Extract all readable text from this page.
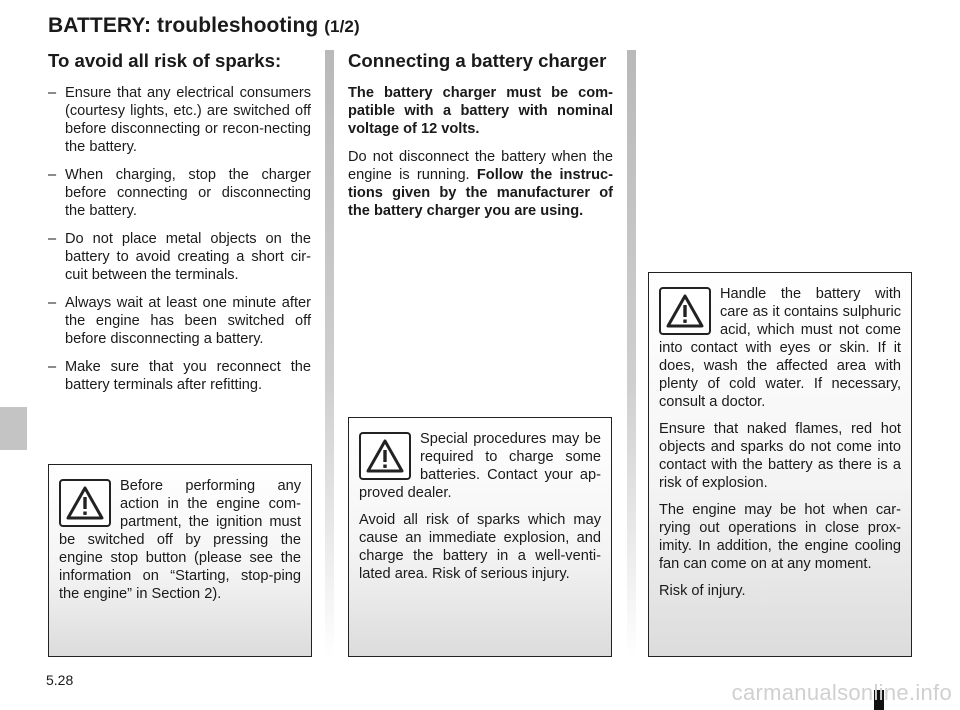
BATTERY: troubleshooting (1/2)
To avoid all risk of sparks:
– Ensure that any electrical consumers (courtesy lights, etc.) are switched off before disconnecting or recon-necting the battery.
– When charging, stop the charger before connecting or disconnecting the battery.
– Do not place metal objects on the battery to avoid creating a short cir-cuit between the terminals.
– Always wait at least one minute after the engine has been switched off before disconnecting a battery.
– Make sure that you reconnect the battery terminals after refitting.
Connecting a battery charger

The battery charger must be com-patible with a battery with nominal voltage of 12 volts.

Do not disconnect the battery when the engine is running. Follow the instruc-tions given by the manufacturer of the battery charger you are using.

Before performing any action in the engine com-partment, the ignition must be switched off by pressing the engine stop button (please see the information on “Starting, stop-ping the engine” in Section 2).

Special procedures may be required to charge some batteries. Contact your ap-proved dealer.

Avoid all risk of sparks which may cause an immediate explosion, and charge the battery in a well-venti-lated area. Risk of serious injury.

Handle the battery with care as it contains sulphuric acid, which must not come into contact with eyes or skin. If it does, wash the affected area with plenty of cold water. If necessary, consult a doctor.

Ensure that naked flames, red hot objects and sparks do not come into contact with the battery as there is a risk of explosion.

The engine may be hot when car-rying out operations in close prox-imity. In addition, the engine cooling fan can come on at any moment.

Risk of injury.

5.28	carmanualsonline.info
